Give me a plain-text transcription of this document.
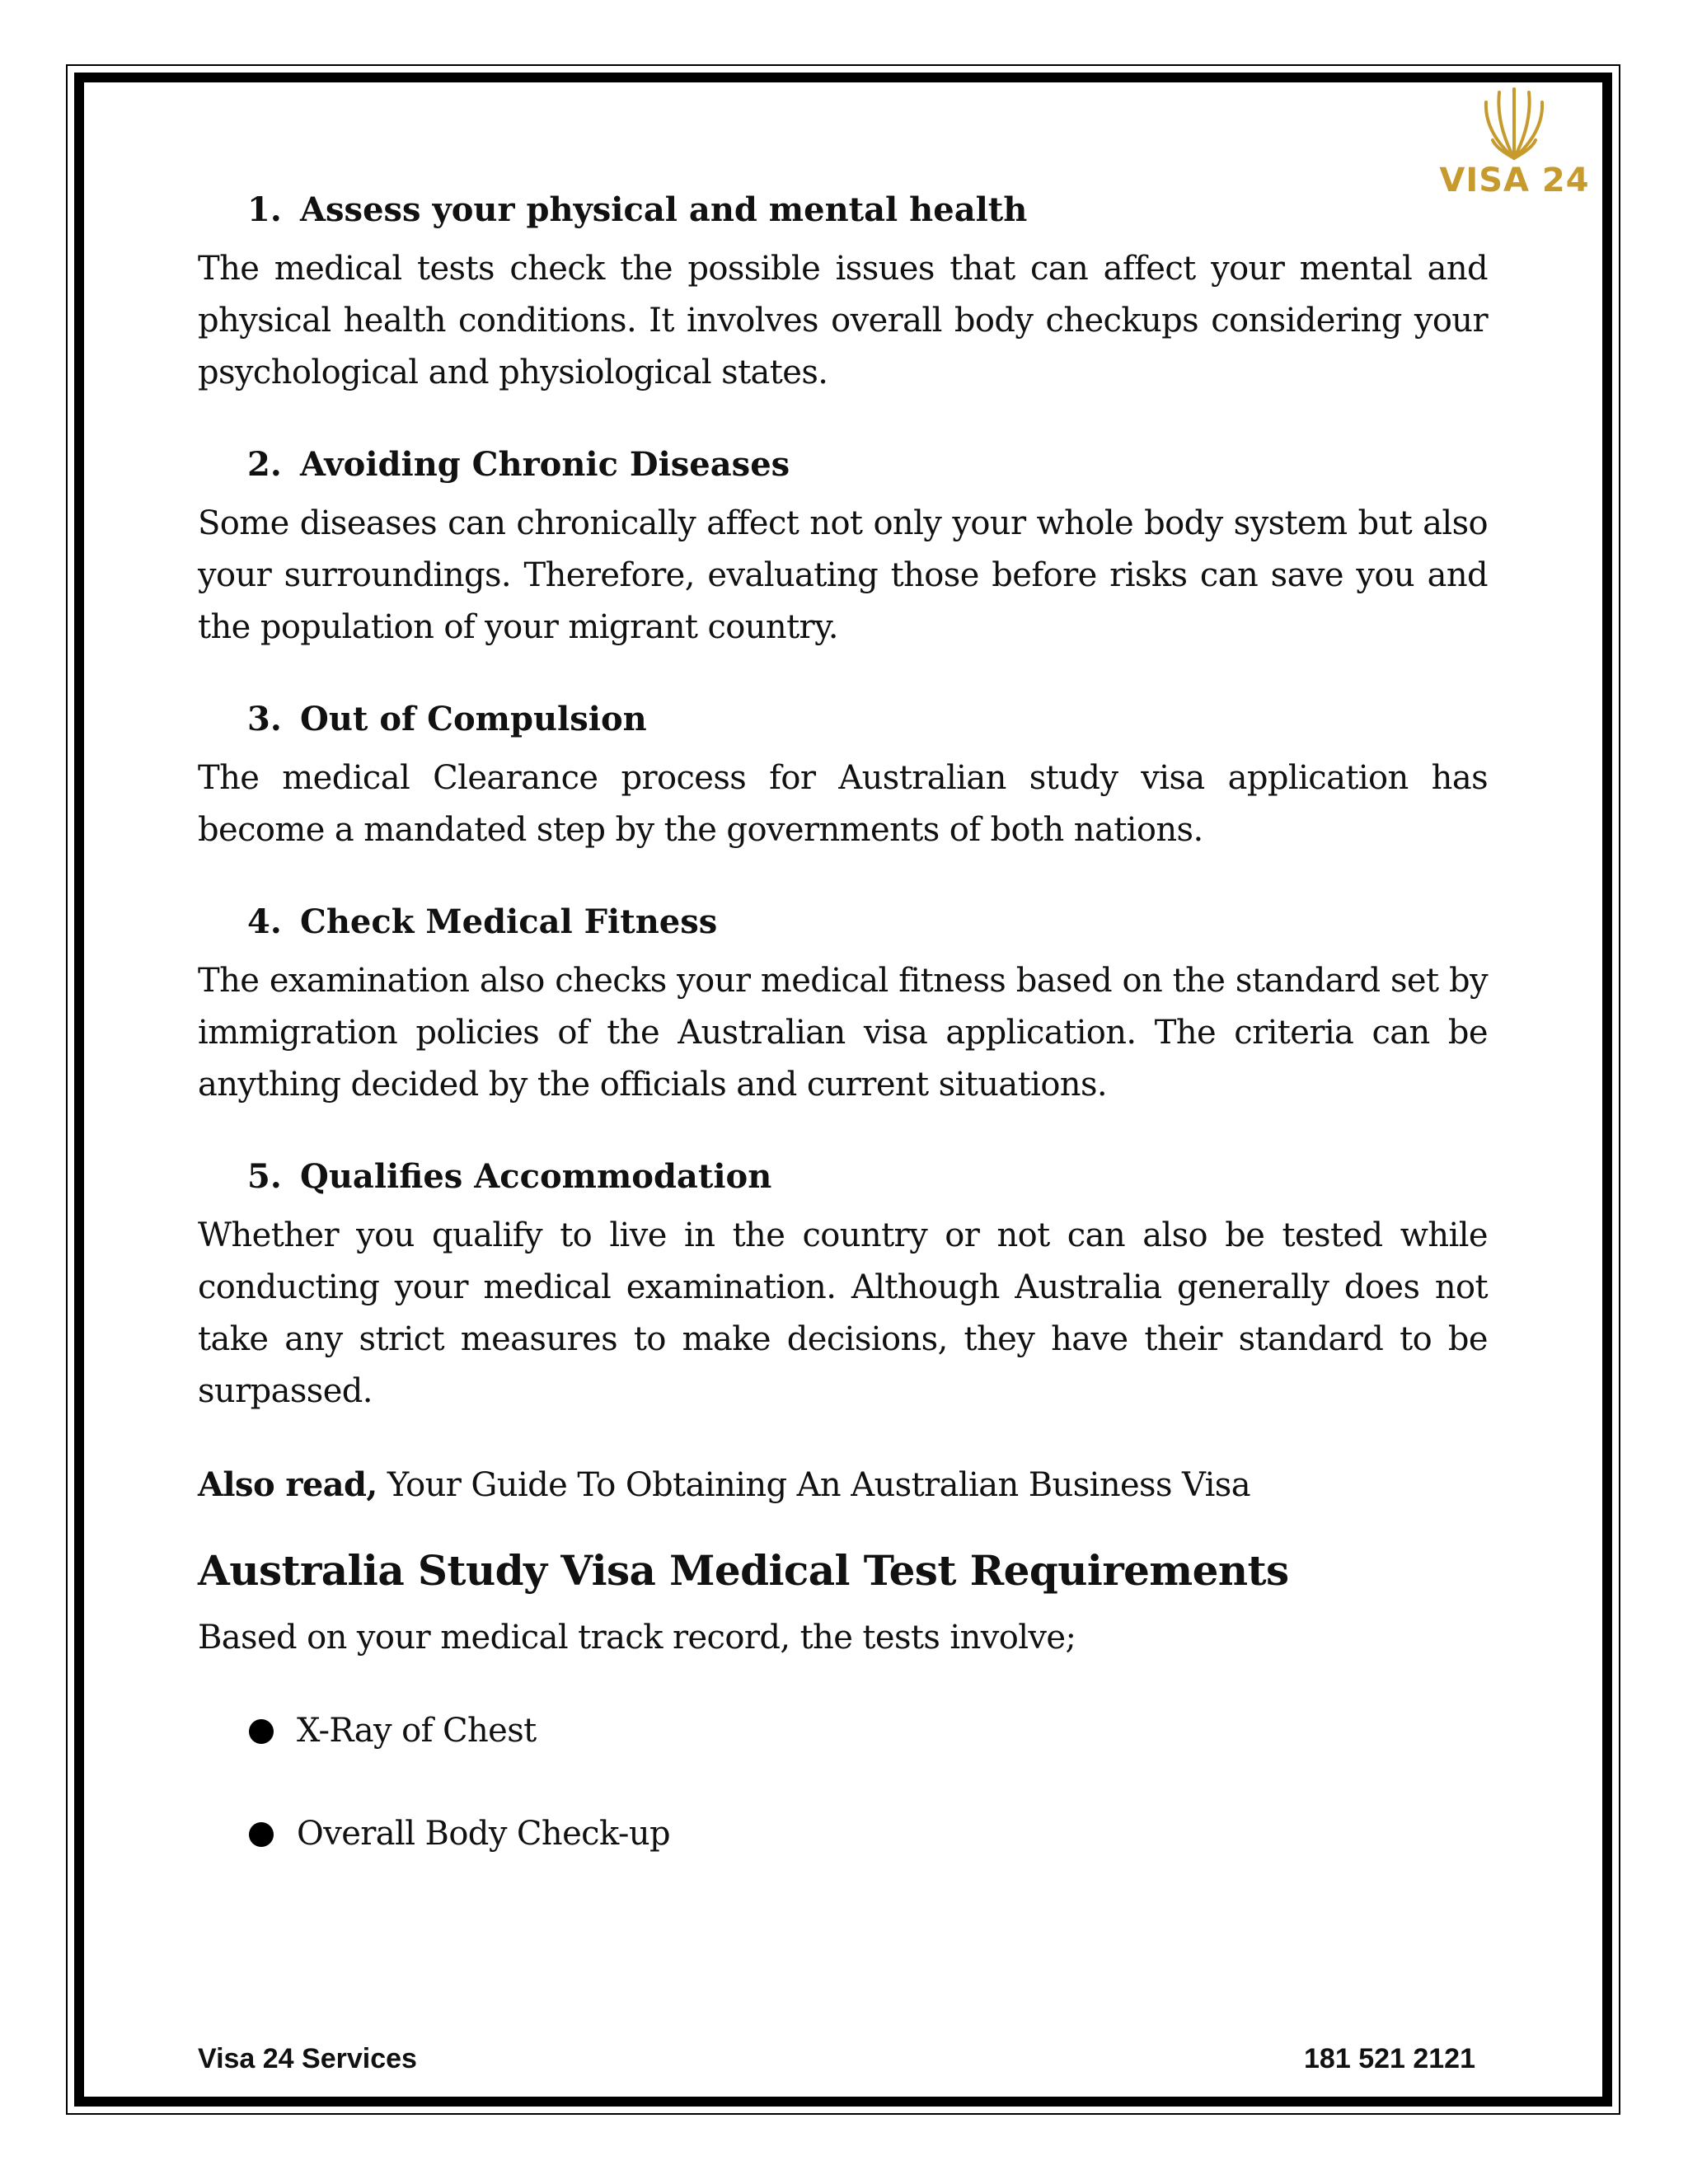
VISA 24
1. Assess your physical and mental health

The medical tests check the possible issues that can affect your mental and physical health conditions. It involves overall body checkups considering your psychological and physiological states.

2. Avoiding Chronic Diseases

Some diseases can chronically affect not only your whole body system but also your surroundings. Therefore, evaluating those before risks can save you and the population of your migrant country.

3. Out of Compulsion

The medical Clearance process for Australian study visa application has become a mandated step by the governments of both nations.

4. Check Medical Fitness

The examination also checks your medical fitness based on the standard set by immigration policies of the Australian visa application. The criteria can be anything decided by the officials and current situations.

5. Qualifies Accommodation

Whether you qualify to live in the country or not can also be tested while conducting your medical examination. Although Australia generally does not take any strict measures to make decisions, they have their standard to be surpassed.

Also read, Your Guide To Obtaining An Australian Business Visa

Australia Study Visa Medical Test Requirements

Based on your medical track record, the tests involve;

X-Ray of Chest
Overall Body Check-up
Visa 24 Services	181 521 2121
